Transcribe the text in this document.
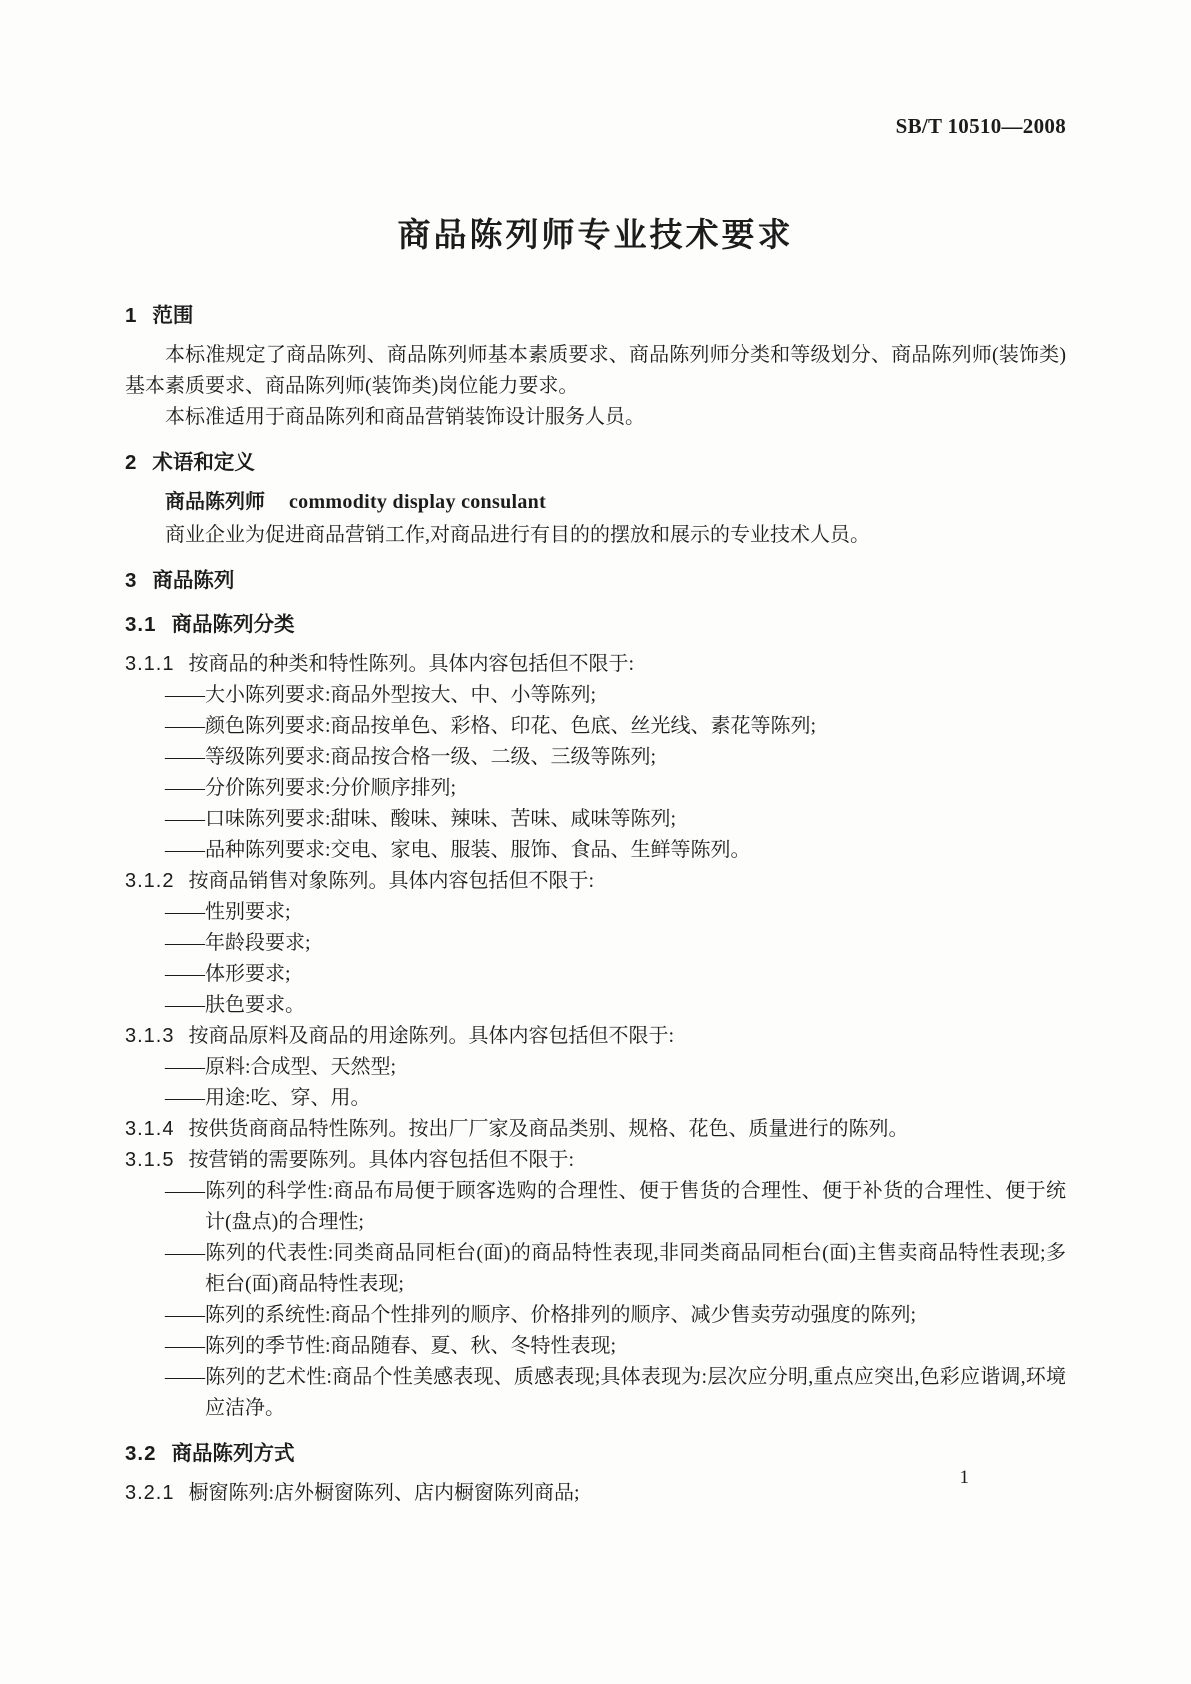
SB/T 10510—2008
商品陈列师专业技术要求
1 范围

本标准规定了商品陈列、商品陈列师基本素质要求、商品陈列师分类和等级划分、商品陈列师(装饰类)基本素质要求、商品陈列师(装饰类)岗位能力要求。

本标准适用于商品陈列和商品营销装饰设计服务人员。

2 术语和定义
商品陈列师 commodity display consulant

商业企业为促进商品营销工作,对商品进行有目的的摆放和展示的专业技术人员。

3 商品陈列
3.1 商品陈列分类
3.1.1 按商品的种类和特性陈列。具体内容包括但不限于:

——大小陈列要求:商品外型按大、中、小等陈列;

——颜色陈列要求:商品按单色、彩格、印花、色底、丝光线、素花等陈列;

——等级陈列要求:商品按合格一级、二级、三级等陈列;

——分价陈列要求:分价顺序排列;

——口味陈列要求:甜味、酸味、辣味、苦味、咸味等陈列;

——品种陈列要求:交电、家电、服装、服饰、食品、生鲜等陈列。

3.1.2 按商品销售对象陈列。具体内容包括但不限于:

——性别要求;

——年龄段要求;

——体形要求;

——肤色要求。

3.1.3 按商品原料及商品的用途陈列。具体内容包括但不限于:

——原料:合成型、天然型;

——用途:吃、穿、用。

3.1.4 按供货商商品特性陈列。按出厂厂家及商品类别、规格、花色、质量进行的陈列。
3.1.5 按营销的需要陈列。具体内容包括但不限于:

——陈列的科学性:商品布局便于顾客选购的合理性、便于售货的合理性、便于补货的合理性、便于统计(盘点)的合理性;

——陈列的代表性:同类商品同柜台(面)的商品特性表现,非同类商品同柜台(面)主售卖商品特性表现;多柜台(面)商品特性表现;

——陈列的系统性:商品个性排列的顺序、价格排列的顺序、减少售卖劳动强度的陈列;

——陈列的季节性:商品随春、夏、秋、冬特性表现;

——陈列的艺术性:商品个性美感表现、质感表现;具体表现为:层次应分明,重点应突出,色彩应谐调,环境应洁净。

3.2 商品陈列方式
3.2.1 橱窗陈列:店外橱窗陈列、店内橱窗陈列商品;
1
